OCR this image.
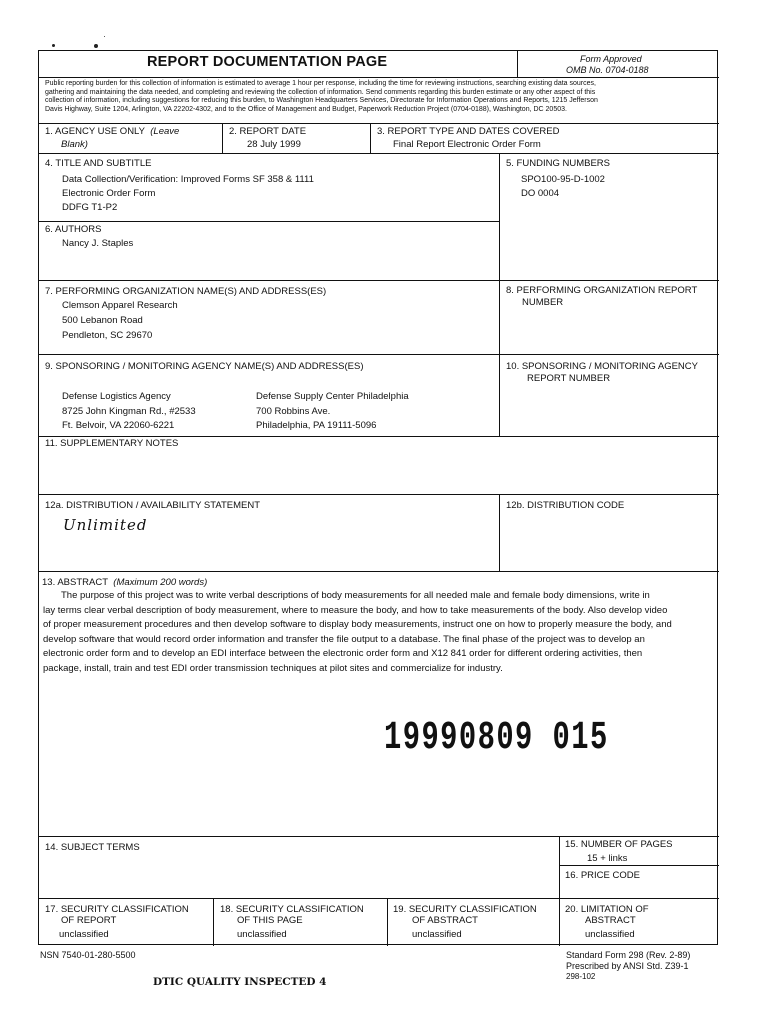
REPORT DOCUMENTATION PAGE	Form Approved
OMB No. 0704-0188
Public reporting burden for this collection of information is estimated to average 1 hour per response, including the time for reviewing instructions, searching existing data sources,
gathering and maintaining the data needed, and completing and reviewing the collection of information. Send comments regarding this burden estimate or any other aspect of this
collection of information, including suggestions for reducing this burden, to Washington Headquarters Services, Directorate for Information Operations and Reports, 1215 Jefferson
Davis Highway, Suite 1204, Arlington, VA 22202-4302, and to the Office of Management and Budget, Paperwork Reduction Project (0704-0188), Washington, DC 20503.
1. AGENCY USE ONLY (Leave
Blank)
2. REPORT DATE
28 July 1999
3. REPORT TYPE AND DATES COVERED
Final Report Electronic Order Form
4. TITLE AND SUBTITLE
Data Collection/Verification: Improved Forms SF 358 & 1111
Electronic Order Form
DDFG T1-P2
5. FUNDING NUMBERS
SPO100-95-D-1002
DO 0004
6. AUTHORS
Nancy J. Staples
7. PERFORMING ORGANIZATION NAME(S) AND ADDRESS(ES)
Clemson Apparel Research
500 Lebanon Road
Pendleton, SC 29670
8. PERFORMING ORGANIZATION REPORT
NUMBER
9. SPONSORING / MONITORING AGENCY NAME(S) AND ADDRESS(ES)
Defense Logistics Agency
8725 John Kingman Rd., #2533
Ft. Belvoir, VA 22060-6221
Defense Supply Center Philadelphia
700 Robbins Ave.
Philadelphia, PA 19111-5096
10. SPONSORING / MONITORING AGENCY
REPORT NUMBER
11. SUPPLEMENTARY NOTES
12a. DISTRIBUTION / AVAILABILITY STATEMENT
Unlimited
12b. DISTRIBUTION CODE
13. ABSTRACT (Maximum 200 words)
The purpose of this project was to write verbal descriptions of body measurements for all needed male and female body dimensions, write in
lay terms clear verbal description of body measurement, where to measure the body, and how to take measurements of the body. Also develop video
of proper measurement procedures and then develop software to display body measurements, instruct one on how to properly measure the body, and
develop software that would record order information and transfer the file output to a database. The final phase of the project was to develop an
electronic order form and to develop an EDI interface between the electronic order form and X12 841 order for different ordering activities, then
package, install, train and test EDI order transmission techniques at pilot sites and commercialize for industry.
19990809 015
14. SUBJECT TERMS	15. NUMBER OF PAGES
15 + links
16. PRICE CODE
17. SECURITY CLASSIFICATION
OF REPORT
unclassified
18. SECURITY CLASSIFICATION
OF THIS PAGE
unclassified
19. SECURITY CLASSIFICATION
OF ABSTRACT
unclassified
20. LIMITATION OF
ABSTRACT
unclassified
NSN 7540-01-280-5500	Standard Form 298 (Rev. 2-89)
Prescribed by ANSI Std. Z39-1
298-102
DTIC QUALITY INSPECTED 4
